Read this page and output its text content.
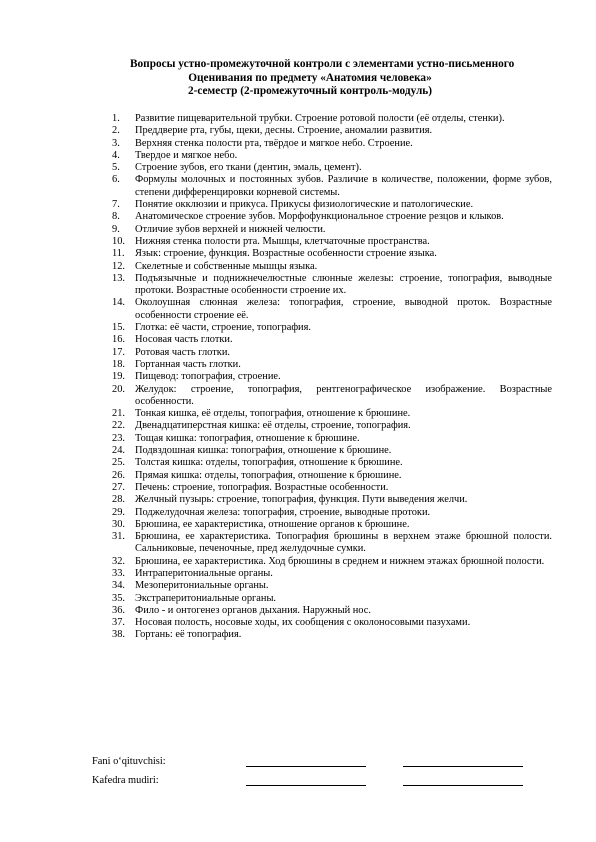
Вопросы устно-промежуточной контроли с элементами устно-письменного
Оценивания по предмету «Анатомия человека»
2-семестр (2-промежуточный контроль-модуль)
1.	Развитие пищеварительной трубки. Строение ротовой полости (её отделы, стенки).
2.	Преддверие рта, губы, щеки, десны. Строение, аномалии развития.
3.	Верхняя стенка полости рта, твёрдое и мягкое небо. Строение.
4.	Твердое и мягкое небо.
5.	Строение зубов, его ткани (дентин, эмаль, цемент).
6.	Формулы молочных и постоянных зубов. Различие в количестве, положении, форме зубов, степени дифференцировки корневой системы.
7.	Понятие окклюзии и прикуса. Прикусы физиологические и патологические.
8.	Анатомическое строение зубов. Морфофункциональное строение резцов и клыков.
9.	Отличие зубов верхней и нижней челюсти.
10. Нижняя стенка полости рта. Мышцы, клетчаточные пространства.
11. Язык: строение, функция. Возрастные особенности строение языка.
12. Скелетные и собственные мышцы языка.
13. Подъязычные и поднижнечелюстные слюнные железы: строение, топография, выводные протоки. Возрастные особенности строение их.
14. Околоушная слюнная железа: топография, строение, выводной проток. Возрастные особенности строение её.
15. Глотка: её части, строение, топография.
16. Носовая часть глотки.
17. Ротовая часть глотки.
18. Гортанная часть глотки.
19. Пищевод: топография, строение.
20. Желудок: строение, топография, рентгенографическое изображение. Возрастные особенности.
21. Тонкая кишка, её отделы, топография, отношение к брюшине.
22. Двенадцатиперстная кишка: её отделы, строение, топография.
23. Тощая кишка: топография, отношение к брюшине.
24. Подвздошная кишка: топография, отношение к брюшине.
25. Толстая кишка: отделы, топография, отношение к брюшине.
26. Прямая кишка: отделы, топография, отношение к брюшине.
27. Печень: строение, топография. Возрастные особенности.
28. Желчный пузырь: строение, топография, функция. Пути выведения желчи.
29. Поджелудочная железа: топография, строение, выводные протоки.
30. Брюшина, ее характеристика, отношение органов к брюшине.
31. Брюшина, ее характеристика. Топография брюшины в верхнем этаже брюшной полости. Сальниковые, печеночные, пред желудочные сумки.
32. Брюшина, ее характеристика. Ход брюшины в среднем и нижнем этажах брюшной полости.
33. Интраперитониальные органы.
34. Мезоперитониальные органы.
35. Экстраперитониальные органы.
36. Фило - и онтогенез органов дыхания. Наружный нос.
37. Носовая полость, носовые ходы, их сообщения с околоносовыми пазухами.
38. Гортань: её топография.
Fani o‘qituvchisi:
Kafedra mudiri:
